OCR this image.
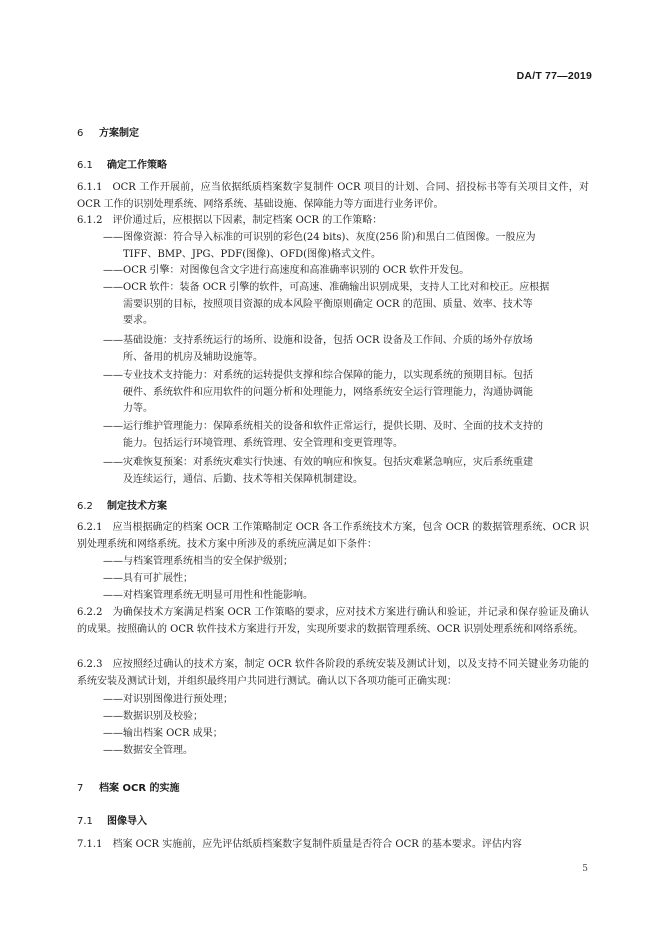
DA/T 77—2019
6 方案制定
6.1 确定工作策略
6.1.1 OCR 工作开展前，应当依据纸质档案数字复制件 OCR 项目的计划、合同、招投标书等有关项目文件，对 OCR 工作的识别处理系统、网络系统、基础设施、保障能力等方面进行业务评价。
6.1.2 评价通过后，应根据以下因素，制定档案 OCR 的工作策略：
——图像资源：符合导入标准的可识别的彩色(24 bits)、灰度(256 阶)和黑白二值图像。一般应为
TIFF、BMP、JPG、PDF(图像)、OFD(图像)格式文件。
——OCR 引擎：对图像包含文字进行高速度和高准确率识别的 OCR 软件开发包。
——OCR 软件：装备 OCR 引擎的软件，可高速、准确输出识别成果，支持人工比对和校正。应根据
需要识别的目标，按照项目资源的成本风险平衡原则确定 OCR 的范围、质量、效率、技术等
要求。
——基础设施：支持系统运行的场所、设施和设备，包括 OCR 设备及工作间、介质的场外存放场
所、备用的机房及辅助设施等。
——专业技术支持能力：对系统的运转提供支撑和综合保障的能力，以实现系统的预期目标。包括
硬件、系统软件和应用软件的问题分析和处理能力，网络系统安全运行管理能力，沟通协调能
力等。
——运行维护管理能力：保障系统相关的设备和软件正常运行，提供长期、及时、全面的技术支持的
能力。包括运行环境管理、系统管理、安全管理和变更管理等。
——灾难恢复预案：对系统灾难实行快速、有效的响应和恢复。包括灾难紧急响应，灾后系统重建
及连续运行，通信、后勤、技术等相关保障机制建设。
6.2 制定技术方案
6.2.1 应当根据确定的档案 OCR 工作策略制定 OCR 各工作系统技术方案，包含 OCR 的数据管理系统、OCR 识别处理系统和网络系统。技术方案中所涉及的系统应满足如下条件：
——与档案管理系统相当的安全保护级别；
——具有可扩展性；
——对档案管理系统无明显可用性和性能影响。
6.2.2 为确保技术方案满足档案 OCR 工作策略的要求，应对技术方案进行确认和验证，并记录和保存验证及确认的成果。按照确认的 OCR 软件技术方案进行开发，实现所要求的数据管理系统、OCR 识别处理系统和网络系统。
6.2.3 应按照经过确认的技术方案，制定 OCR 软件各阶段的系统安装及测试计划，以及支持不同关键业务功能的系统安装及测试计划，并组织最终用户共同进行测试。确认以下各项功能可正确实现：
——对识别图像进行预处理；
——数据识别及校验；
——输出档案 OCR 成果；
——数据安全管理。
7 档案 OCR 的实施
7.1 图像导入
7.1.1 档案 OCR 实施前，应先评估纸质档案数字复制件质量是否符合 OCR 的基本要求。评估内容
5
